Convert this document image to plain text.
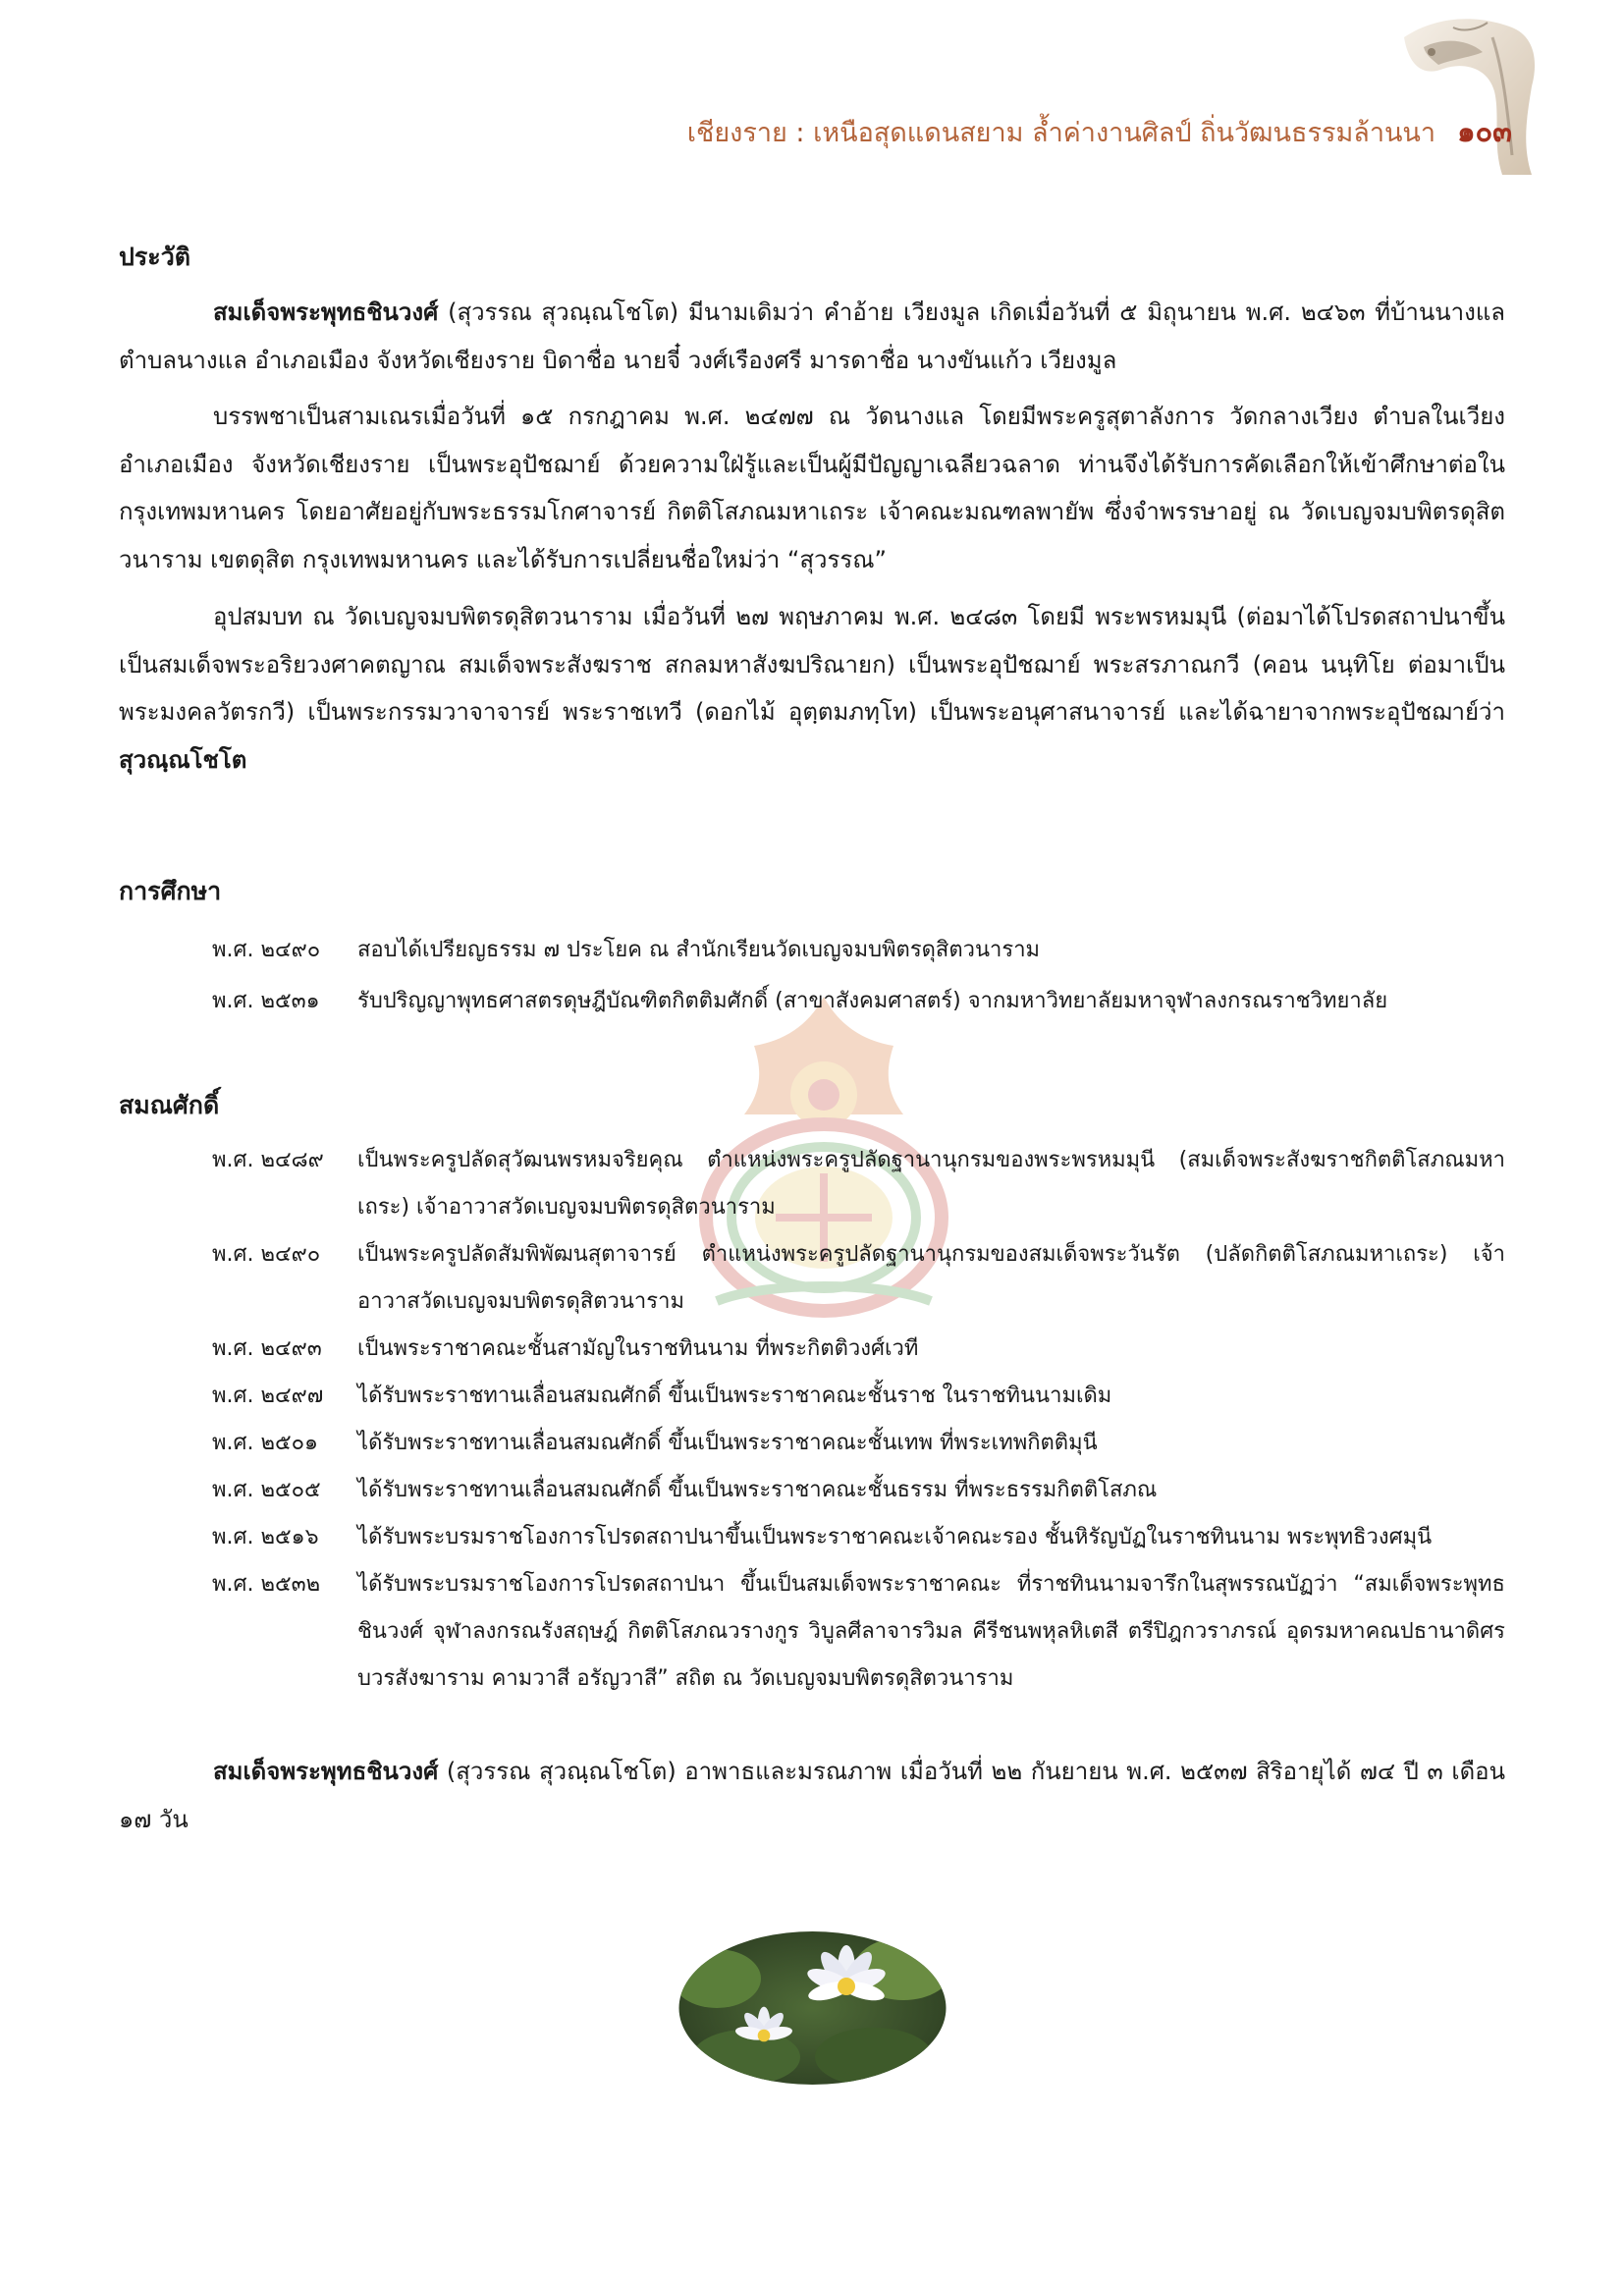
เชียงราย : เหนือสุดแดนสยาม ล้ำค่างานศิลป์ ถิ่นวัฒนธรรมล้านนา ๑๐๓
ประวัติ

สมเด็จพระพุทธชินวงศ์ (สุวรรณ สุวณฺณโชโต) มีนามเดิมว่า คำอ้าย เวียงมูล เกิดเมื่อวันที่ ๕ มิถุนายน พ.ศ. ๒๔๖๓ ที่บ้านนางแล ตำบลนางแล อำเภอเมือง จังหวัดเชียงราย บิดาชื่อ นายจี๋ วงศ์เรืองศรี มารดาชื่อ นางขันแก้ว เวียงมูล

บรรพชาเป็นสามเณรเมื่อวันที่ ๑๕ กรกฎาคม พ.ศ. ๒๔๗๗ ณ วัดนางแล โดยมีพระครูสุตาลังการ วัดกลางเวียง ตำบลในเวียง อำเภอเมือง จังหวัดเชียงราย เป็นพระอุปัชฌาย์ ด้วยความใฝ่รู้และเป็นผู้มีปัญญาเฉลียวฉลาด ท่านจึงได้รับการคัดเลือกให้เข้าศึกษาต่อในกรุงเทพมหานคร โดยอาศัยอยู่กับพระธรรมโกศาจารย์ กิตติโสภณมหาเถระ เจ้าคณะมณฑลพายัพ ซึ่งจำพรรษาอยู่ ณ วัดเบญจมบพิตรดุสิตวนาราม เขตดุสิต กรุงเทพมหานคร และได้รับการเปลี่ยนชื่อใหม่ว่า “สุวรรณ”

อุปสมบท ณ วัดเบญจมบพิตรดุสิตวนาราม เมื่อวันที่ ๒๗ พฤษภาคม พ.ศ. ๒๔๘๓ โดยมี พระพรหมมุนี (ต่อมาได้โปรดสถาปนาขึ้นเป็นสมเด็จพระอริยวงศาคตญาณ สมเด็จพระสังฆราช สกลมหาสังฆปริณายก) เป็นพระอุปัชฌาย์ พระสรภาณกวี (คอน นนฺทิโย ต่อมาเป็น พระมงคลวัตรกวี) เป็นพระกรรมวาจาจารย์ พระราชเทวี (ดอกไม้ อุตฺตมภทฺโท) เป็นพระอนุศาสนาจารย์ และได้ฉายาจากพระอุปัชฌาย์ว่า สุวณฺณโชโต

การศึกษา
พ.ศ. ๒๔๙๐	สอบได้เปรียญธรรม ๗ ประโยค ณ สำนักเรียนวัดเบญจมบพิตรดุสิตวนาราม
พ.ศ. ๒๕๓๑	รับปริญญาพุทธศาสตรดุษฎีบัณฑิตกิตติมศักดิ์ (สาขาสังคมศาสตร์) จากมหาวิทยาลัยมหาจุฬาลงกรณราชวิทยาลัย
สมณศักดิ์
พ.ศ. ๒๔๘๙	เป็นพระครูปลัดสุวัฒนพรหมจริยคุณ ตำแหน่งพระครูปลัดฐานานุกรมของพระพรหมมุนี (สมเด็จพระสังฆราชกิตติโสภณมหาเถระ) เจ้าอาวาสวัดเบญจมบพิตรดุสิตวนาราม
พ.ศ. ๒๔๙๐	เป็นพระครูปลัดสัมพิพัฒนสุตาจารย์ ตำแหน่งพระครูปลัดฐานานุกรมของสมเด็จพระวันรัต (ปลัดกิตติโสภณมหาเถระ) เจ้าอาวาสวัดเบญจมบพิตรดุสิตวนาราม
พ.ศ. ๒๔๙๓	เป็นพระราชาคณะชั้นสามัญในราชทินนาม ที่พระกิตติวงศ์เวที
พ.ศ. ๒๔๙๗	ได้รับพระราชทานเลื่อนสมณศักดิ์ ขึ้นเป็นพระราชาคณะชั้นราช ในราชทินนามเดิม
พ.ศ. ๒๕๐๑	ได้รับพระราชทานเลื่อนสมณศักดิ์ ขึ้นเป็นพระราชาคณะชั้นเทพ ที่พระเทพกิตติมุนี
พ.ศ. ๒๕๐๕	ได้รับพระราชทานเลื่อนสมณศักดิ์ ขึ้นเป็นพระราชาคณะชั้นธรรม ที่พระธรรมกิตติโสภณ
พ.ศ. ๒๕๑๖	ได้รับพระบรมราชโองการโปรดสถาปนาขึ้นเป็นพระราชาคณะเจ้าคณะรอง ชั้นหิรัญบัฏในราชทินนาม พระพุทธิวงศมุนี
พ.ศ. ๒๕๓๒	ได้รับพระบรมราชโองการโปรดสถาปนา ขึ้นเป็นสมเด็จพระราชาคณะ ที่ราชทินนามจารึกในสุพรรณบัฏว่า “สมเด็จพระพุทธชินวงศ์ จุฬาลงกรณรังสฤษฎ์ กิตติโสภณวรางกูร วิบูลศีลาจารวิมล คีรีชนพหุลหิเตสี ตรีปิฎกวราภรณ์ อุดรมหาคณปธานาดิศร บวรสังฆาราม คามวาสี อรัญวาสี” สถิต ณ วัดเบญจมบพิตรดุสิตวนาราม

สมเด็จพระพุทธชินวงศ์ (สุวรรณ สุวณฺณโชโต) อาพาธและมรณภาพ เมื่อวันที่ ๒๒ กันยายน พ.ศ. ๒๕๓๗ สิริอายุได้ ๗๔ ปี ๓ เดือน ๑๗ วัน
